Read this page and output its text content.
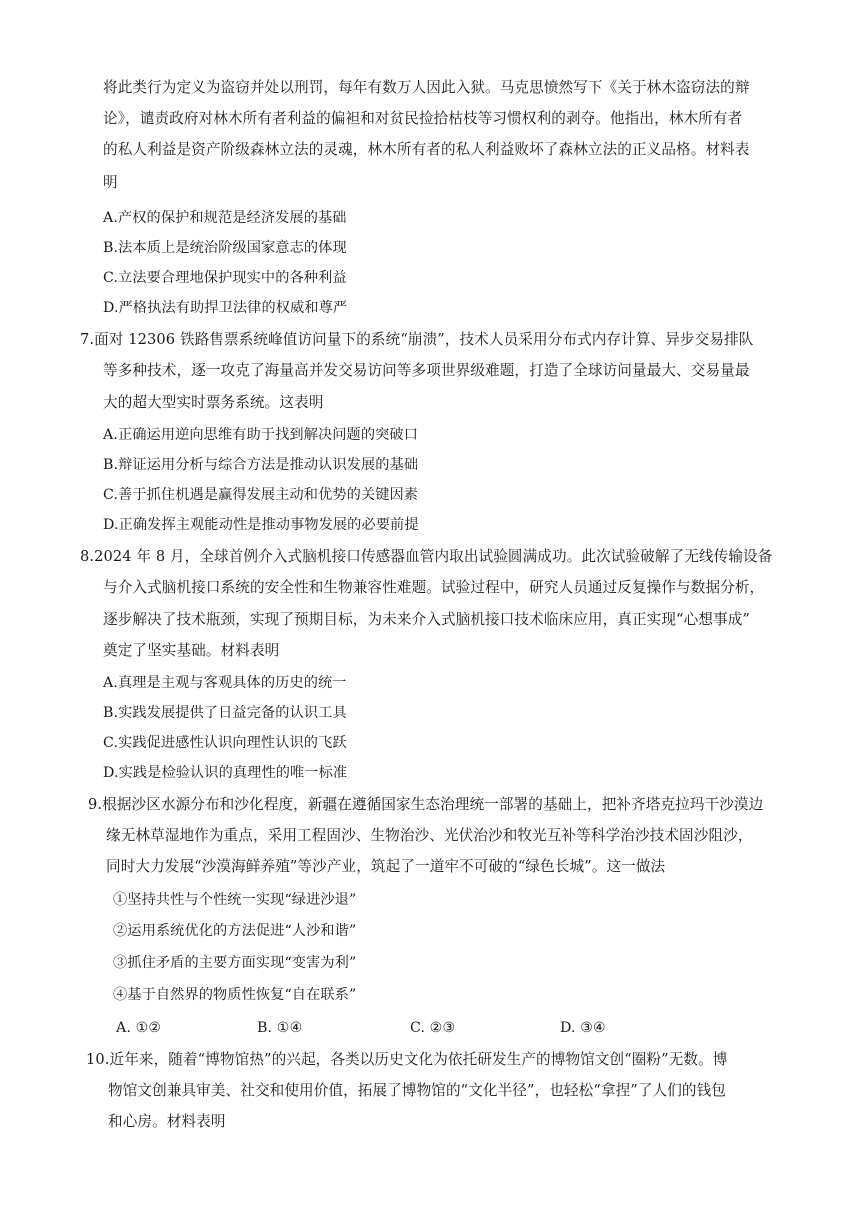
将此类行为定义为盗窃并处以刑罚，每年有数万人因此入狱。马克思愤然写下《关于林木盗窃法的辩
论》，谴责政府对林木所有者利益的偏袒和对贫民捡拾枯枝等习惯权利的剥夺。他指出，林木所有者
的私人利益是资产阶级森林立法的灵魂，林木所有者的私人利益败坏了森林立法的正义品格。材料表
明
A.产权的保护和规范是经济发展的基础
B.法本质上是统治阶级国家意志的体现
C.立法要合理地保护现实中的各种利益
D.严格执法有助捍卫法律的权威和尊严
7.面对 12306 铁路售票系统峰值访问量下的系统“崩溃”，技术人员采用分布式内存计算、异步交易排队
等多种技术，逐一攻克了海量高并发交易访问等多项世界级难题，打造了全球访问量最大、交易量最
大的超大型实时票务系统。这表明
A.正确运用逆向思维有助于找到解决问题的突破口
B.辩证运用分析与综合方法是推动认识发展的基础
C.善于抓住机遇是赢得发展主动和优势的关键因素
D.正确发挥主观能动性是推动事物发展的必要前提
8.2024 年 8 月，全球首例介入式脑机接口传感器血管内取出试验圆满成功。此次试验破解了无线传输设备
与介入式脑机接口系统的安全性和生物兼容性难题。试验过程中，研究人员通过反复操作与数据分析，
逐步解决了技术瓶颈，实现了预期目标，为未来介入式脑机接口技术临床应用，真正实现“心想事成”
奠定了坚实基础。材料表明
A.真理是主观与客观具体的历史的统一
B.实践发展提供了日益完备的认识工具
C.实践促进感性认识向理性认识的飞跃
D.实践是检验认识的真理性的唯一标准
9.根据沙区水源分布和沙化程度，新疆在遵循国家生态治理统一部署的基础上，把补齐塔克拉玛干沙漠边
缘无林草湿地作为重点，采用工程固沙、生物治沙、光伏治沙和牧光互补等科学治沙技术固沙阻沙，
同时大力发展“沙漠海鲜养殖”等沙产业，筑起了一道牢不可破的“绿色长城”。这一做法
①坚持共性与个性统一实现“绿进沙退”
②运用系统优化的方法促进“人沙和谐”
③抓住矛盾的主要方面实现“变害为利”
④基于自然界的物质性恢复“自在联系”
A. ①②	B. ①④	C. ②③	D. ③④
10.近年来，随着“博物馆热”的兴起，各类以历史文化为依托研发生产的博物馆文创“圈粉”无数。博
物馆文创兼具审美、社交和使用价值，拓展了博物馆的“文化半径”，也轻松“拿捏”了人们的钱包
和心房。材料表明
